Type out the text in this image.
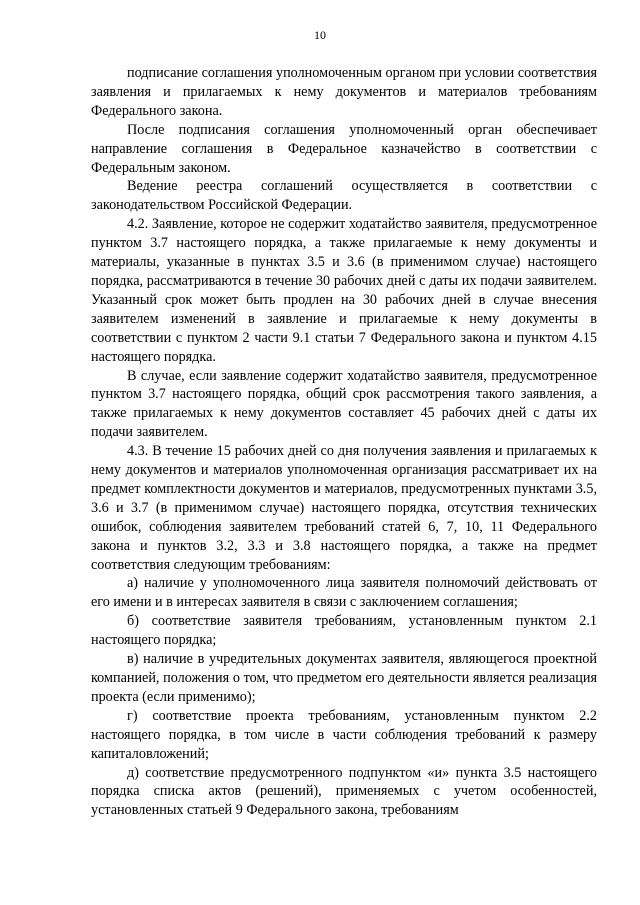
10

подписание соглашения уполномоченным органом при условии соответствия заявления и прилагаемых к нему документов и материалов требованиям Федерального закона.

После подписания соглашения уполномоченный орган обеспечивает направление соглашения в Федеральное казначейство в соответствии с Федеральным законом.

Ведение реестра соглашений осуществляется в соответствии с законодательством Российской Федерации.

4.2. Заявление, которое не содержит ходатайство заявителя, предусмотренное пунктом 3.7 настоящего порядка, а также прилагаемые к нему документы и материалы, указанные в пунктах 3.5 и 3.6 (в применимом случае) настоящего порядка, рассматриваются в течение 30 рабочих дней с даты их подачи заявителем. Указанный срок может быть продлен на 30 рабочих дней в случае внесения заявителем изменений в заявление и прилагаемые к нему документы в соответствии с пунктом 2 части 9.1 статьи 7 Федерального закона и пунктом 4.15 настоящего порядка.

В случае, если заявление содержит ходатайство заявителя, предусмотренное пунктом 3.7 настоящего порядка, общий срок рассмотрения такого заявления, а также прилагаемых к нему документов составляет 45 рабочих дней с даты их подачи заявителем.

4.3. В течение 15 рабочих дней со дня получения заявления и прилагаемых к нему документов и материалов уполномоченная организация рассматривает их на предмет комплектности документов и материалов, предусмотренных пунктами 3.5, 3.6 и 3.7 (в применимом случае) настоящего порядка, отсутствия технических ошибок, соблюдения заявителем требований статей 6, 7, 10, 11 Федерального закона и пунктов 3.2, 3.3 и 3.8 настоящего порядка, а также на предмет соответствия следующим требованиям:

а) наличие у уполномоченного лица заявителя полномочий действовать от его имени и в интересах заявителя в связи с заключением соглашения;

б) соответствие заявителя требованиям, установленным пунктом 2.1 настоящего порядка;

в) наличие в учредительных документах заявителя, являющегося проектной компанией, положения о том, что предметом его деятельности является реализация проекта (если применимо);

г) соответствие проекта требованиям, установленным пунктом 2.2 настоящего порядка, в том числе в части соблюдения требований к размеру капиталовложений;

д) соответствие предусмотренного подпунктом «и» пункта 3.5 настоящего порядка списка актов (решений), применяемых с учетом особенностей, установленных статьей 9 Федерального закона, требованиям
